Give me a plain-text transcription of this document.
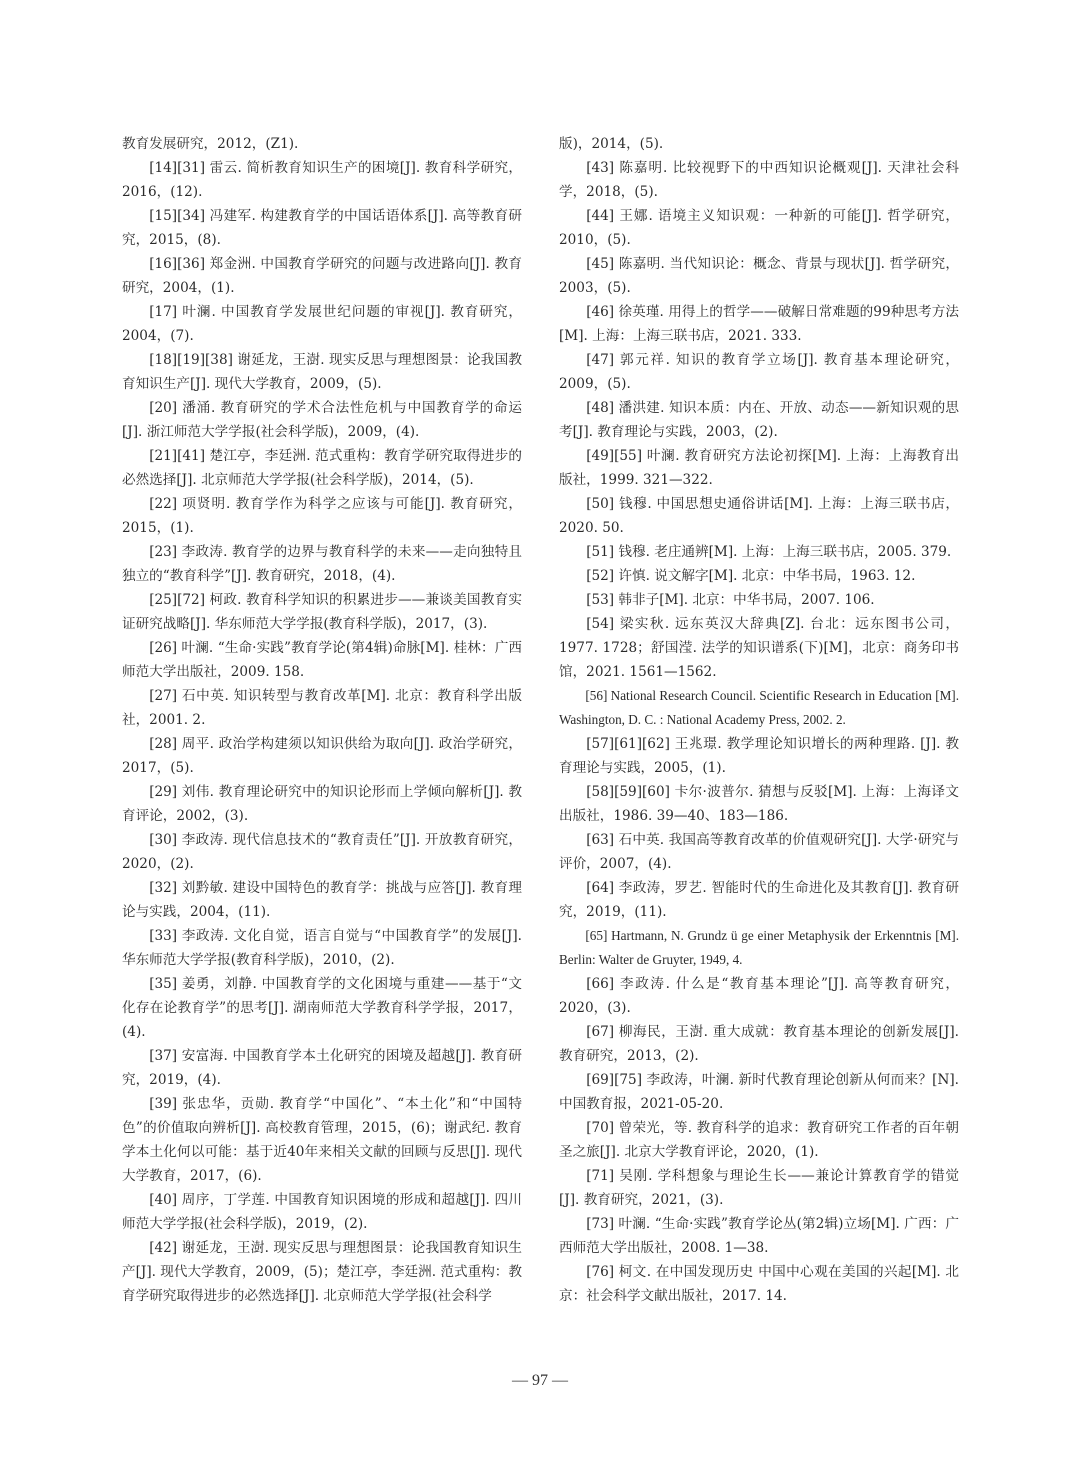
教育发展研究，2012，(Z1).

[14][31] 雷云. 简析教育知识生产的困境[J]. 教育科学研究，2016，(12).

[15][34] 冯建军. 构建教育学的中国话语体系[J]. 高等教育研究，2015，(8).

[16][36] 郑金洲. 中国教育学研究的问题与改进路向[J]. 教育研究，2004，(1).

[17] 叶澜. 中国教育学发展世纪问题的审视[J]. 教育研究，2004，(7).

[18][19][38] 谢延龙，王澍. 现实反思与理想图景：论我国教育知识生产[J]. 现代大学教育，2009，(5).

[20] 潘涌. 教育研究的学术合法性危机与中国教育学的命运[J]. 浙江师范大学学报(社会科学版)，2009，(4).

[21][41] 楚江亭，李廷洲. 范式重构：教育学研究取得进步的必然选择[J]. 北京师范大学学报(社会科学版)，2014，(5).

[22] 项贤明. 教育学作为科学之应该与可能[J]. 教育研究，2015，(1).

[23] 李政涛. 教育学的边界与教育科学的未来——走向独特且独立的“教育科学”[J]. 教育研究，2018，(4).

[25][72] 柯政. 教育科学知识的积累进步——兼谈美国教育实证研究战略[J]. 华东师范大学学报(教育科学版)，2017，(3).

[26] 叶澜. “生命·实践”教育学论(第4辑)命脉[M]. 桂林：广西师范大学出版社，2009. 158.

[27] 石中英. 知识转型与教育改革[M]. 北京：教育科学出版社，2001. 2.

[28] 周平. 政治学构建须以知识供给为取向[J]. 政治学研究，2017，(5).

[29] 刘伟. 教育理论研究中的知识论形而上学倾向解析[J]. 教育评论，2002，(3).

[30] 李政涛. 现代信息技术的“教育责任”[J]. 开放教育研究，2020，(2).

[32] 刘黔敏. 建设中国特色的教育学：挑战与应答[J]. 教育理论与实践，2004，(11).

[33] 李政涛. 文化自觉，语言自觉与“中国教育学”的发展[J]. 华东师范大学学报(教育科学版)，2010，(2).

[35] 姜勇，刘静. 中国教育学的文化困境与重建——基于“文化存在论教育学”的思考[J]. 湖南师范大学教育科学学报，2017，(4).

[37] 安富海. 中国教育学本土化研究的困境及超越[J]. 教育研究，2019，(4).

[39] 张忠华，贡勋. 教育学“中国化”、“本土化”和“中国特色”的价值取向辨析[J]. 高校教育管理，2015，(6)；谢武纪. 教育学本土化何以可能：基于近40年来相关文献的回顾与反思[J]. 现代大学教育，2017，(6).

[40] 周序，丁学莲. 中国教育知识困境的形成和超越[J]. 四川师范大学学报(社会科学版)，2019，(2).

[42] 谢延龙，王澍. 现实反思与理想图景：论我国教育知识生产[J]. 现代大学教育，2009，(5)；楚江亭，李廷洲. 范式重构：教育学研究取得进步的必然选择[J]. 北京师范大学学报(社会科学

版)，2014，(5).

[43] 陈嘉明. 比较视野下的中西知识论概观[J]. 天津社会科学，2018，(5).

[44] 王娜. 语境主义知识观：一种新的可能[J]. 哲学研究，2010，(5).

[45] 陈嘉明. 当代知识论：概念、背景与现状[J]. 哲学研究，2003，(5).

[46] 徐英瑾. 用得上的哲学——破解日常难题的99种思考方法[M]. 上海：上海三联书店，2021. 333.

[47] 郭元祥. 知识的教育学立场[J]. 教育基本理论研究，2009，(5).

[48] 潘洪建. 知识本质：内在、开放、动态——新知识观的思考[J]. 教育理论与实践，2003，(2).

[49][55] 叶澜. 教育研究方法论初探[M]. 上海：上海教育出版社，1999. 321—322.

[50] 钱穆. 中国思想史通俗讲话[M]. 上海：上海三联书店，2020. 50.

[51] 钱穆. 老庄通辨[M]. 上海：上海三联书店，2005. 379.

[52] 许慎. 说文解字[M]. 北京：中华书局，1963. 12.

[53] 韩非子[M]. 北京：中华书局，2007. 106.

[54] 梁实秋. 远东英汉大辞典[Z]. 台北：远东图书公司，1977. 1728；舒国滢. 法学的知识谱系(下)[M]，北京：商务印书馆，2021. 1561—1562.

[56] National Research Council. Scientific Research in Education [M]. Washington, D. C. : National Academy Press, 2002. 2.

[57][61][62] 王兆璟. 教学理论知识增长的两种理路. [J]. 教育理论与实践，2005，(1).

[58][59][60] 卡尔·波普尔. 猜想与反驳[M]. 上海：上海译文出版社，1986. 39—40、183—186.

[63] 石中英. 我国高等教育改革的价值观研究[J]. 大学·研究与评价，2007，(4).

[64] 李政涛，罗艺. 智能时代的生命进化及其教育[J]. 教育研究，2019，(11).

[65] Hartmann, N. Grundz ü ge einer Metaphysik der Erkenntnis [M]. Berlin: Walter de Gruyter, 1949, 4.

[66] 李政涛. 什么是“教育基本理论”[J]. 高等教育研究，2020，(3).

[67] 柳海民，王澍. 重大成就：教育基本理论的创新发展[J]. 教育研究，2013，(2).

[69][75] 李政涛，叶澜. 新时代教育理论创新从何而来？[N]. 中国教育报，2021-05-20.

[70] 曾荣光，等. 教育科学的追求：教育研究工作者的百年朝圣之旅[J]. 北京大学教育评论，2020，(1).

[71] 吴刚. 学科想象与理论生长——兼论计算教育学的错觉[J]. 教育研究，2021，(3).

[73] 叶澜. “生命·实践”教育学论丛(第2辑)立场[M]. 广西：广西师范大学出版社，2008. 1—38.

[76] 柯文. 在中国发现历史 中国中心观在美国的兴起[M]. 北京：社会科学文献出版社，2017. 14.

— 97 —
